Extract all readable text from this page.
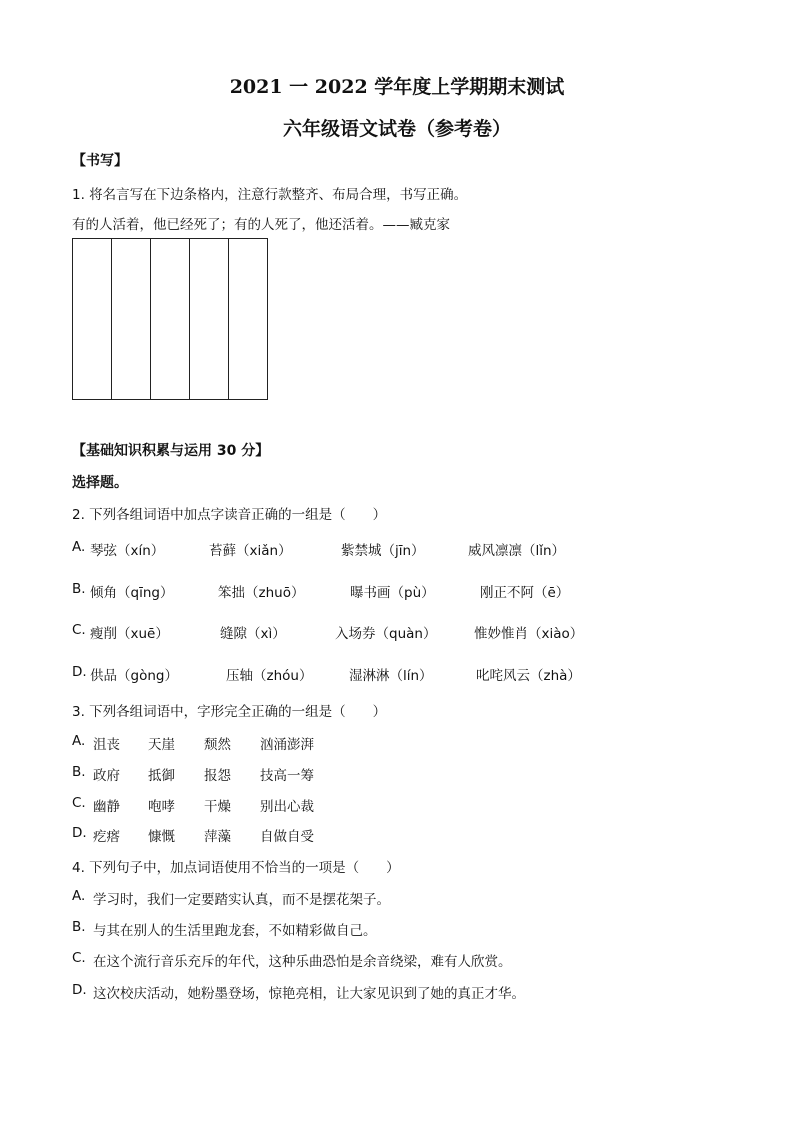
2021 一 2022 学年度上学期期末测试
六年级语文试卷（参考卷）
【书写】
1. 将名言写在下边条格内，注意行款整齐、布局合理，书写正确。
有的人活着，他已经死了；有的人死了，他还活着。——臧克家
【基础知识积累与运用 30 分】
选择题。
2. 下列各组词语中加点字读音正确的一组是（　　）
A. 琴弦（xín）	苔藓（xiǎn）	紫禁城（jīn）	威风凛凛（lǐn）
B. 倾角（qīng）	笨拙（zhuō）	曝书画（pù）	刚正不阿（ē）
C. 瘦削（xuē）	缝隙（xì）	入场券（quàn）	惟妙惟肖（xiào）
D. 供品（gòng）	压轴（zhóu）	湿淋淋（lín）	叱咤风云（zhà）
3. 下列各组词语中，字形完全正确的一组是（　　）
A. 沮丧 天崖 颓然 汹涌澎湃
B. 政府 抵御 报怨 技高一筹
C. 幽静 咆哮 干燥 别出心裁
D. 疙瘩 慷慨 萍藻 自做自受
4. 下列句子中，加点词语使用不恰当的一项是（　　）
A. 学习时，我们一定要踏实认真，而不是摆花架子。
B. 与其在别人的生活里跑龙套，不如精彩做自己。
C. 在这个流行音乐充斥的年代，这种乐曲恐怕是余音绕梁，难有人欣赏。
D. 这次校庆活动，她粉墨登场，惊艳亮相，让大家见识到了她的真正才华。
